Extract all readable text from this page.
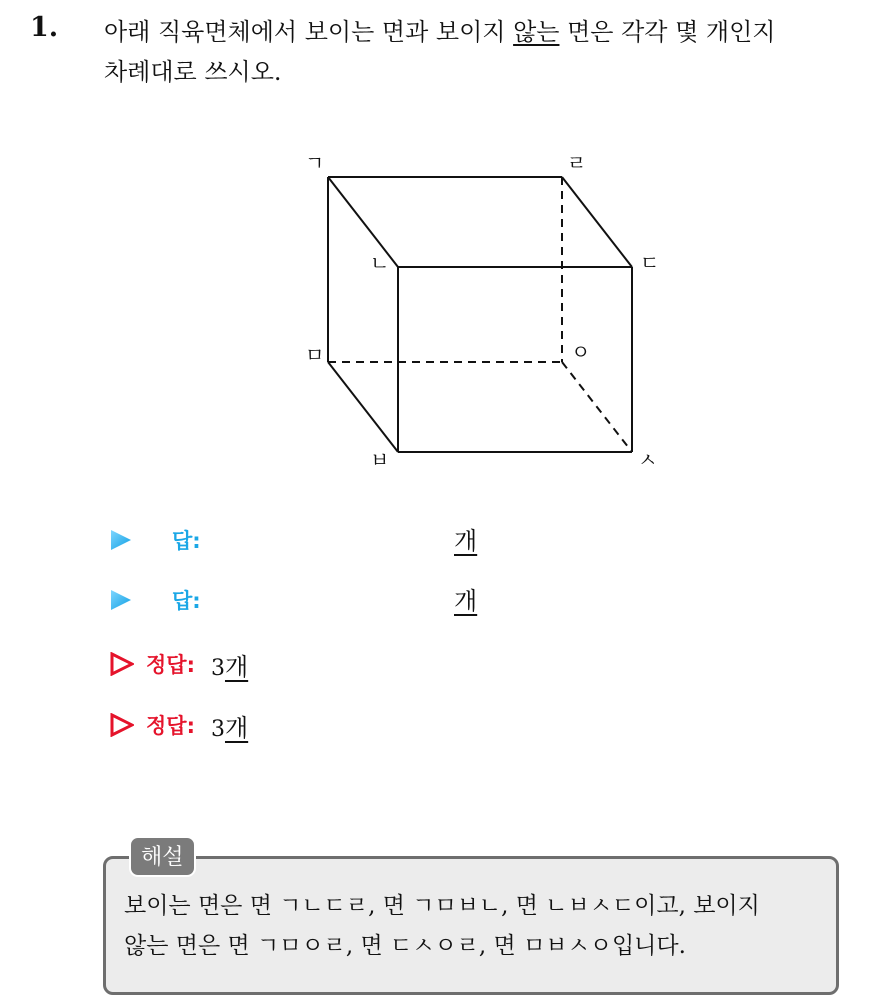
1. 아래 직육면체에서 보이는 면과 보이지 않는 면은 각각 몇 개인지
차례대로 쓰시오.
ㄱ	ㄹ
ㄴ	ㄷ
ㅁ	ㅇ
ㅂ	ㅅ
답:	개
답:	개
정답: 3개
정답: 3개
해설
보이는 면은 면 ㄱㄴㄷㄹ, 면 ㄱㅁㅂㄴ, 면 ㄴㅂㅅㄷ이고, 보이지
않는 면은 면 ㄱㅁㅇㄹ, 면 ㄷㅅㅇㄹ, 면 ㅁㅂㅅㅇ입니다.
